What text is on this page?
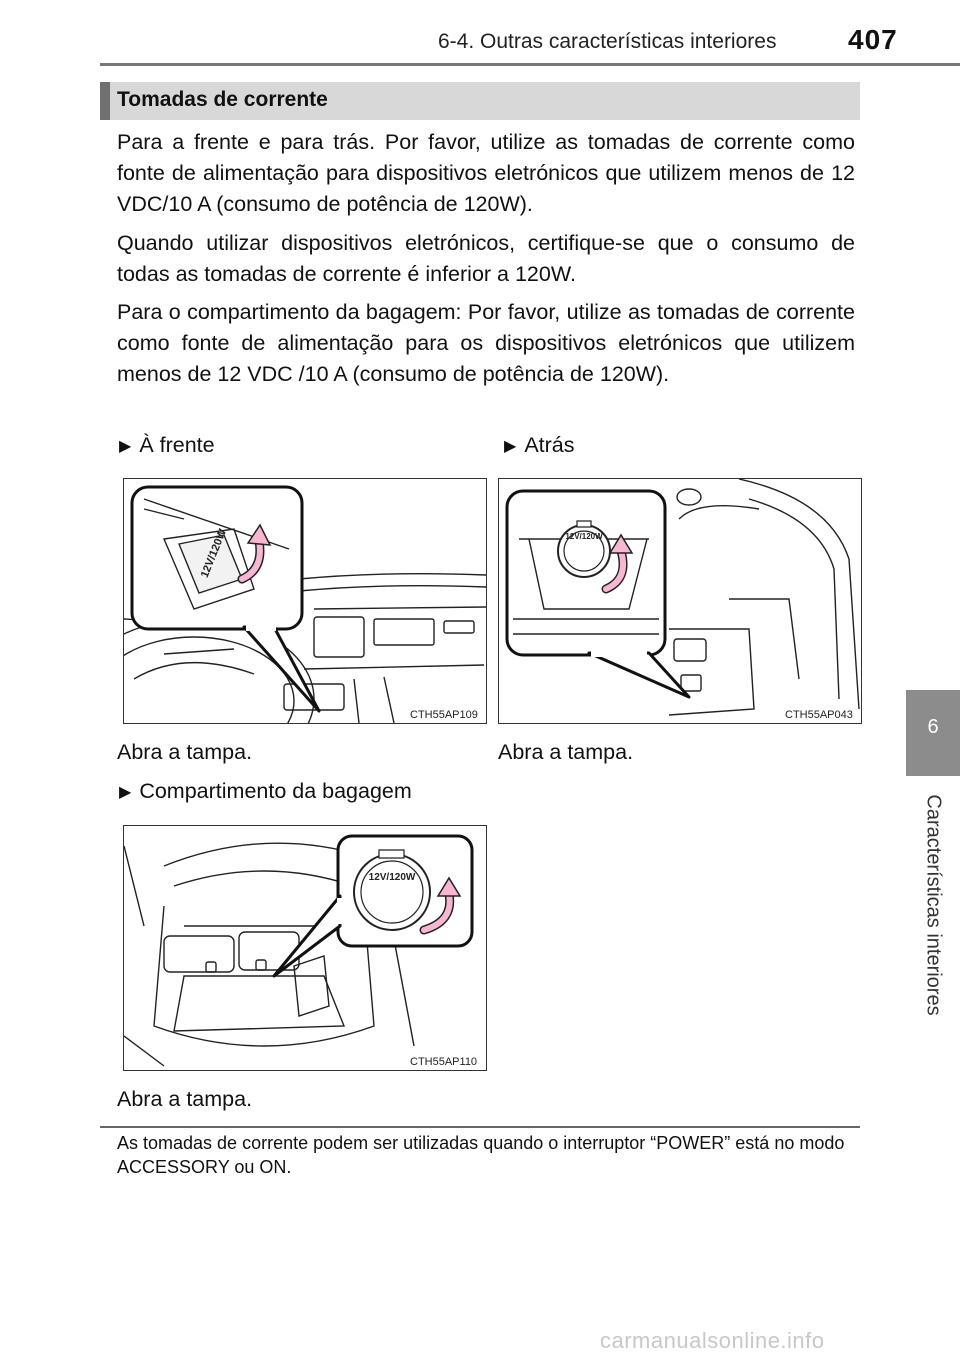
6-4. Outras características interiores	407
6
Características interiores
Tomadas de corrente
Para a frente e para trás. Por favor, utilize as tomadas de corrente como fonte de alimentação para dispositivos eletrónicos que utilizem menos de 12 VDC/10 A (consumo de potência de 120W).
Quando utilizar dispositivos eletrónicos, certifique-se que o consumo de todas as tomadas de corrente é inferior a 120W.
Para o compartimento da bagagem: Por favor, utilize as tomadas de corrente como fonte de alimentação para os dispositivos eletrónicos que utilizem menos de 12 VDC /10 A (consumo de potência de 120W).
▶ À frente
12V/120W
CTH55AP109
Abra a tampa.
▶ Atrás
12V/120W
CTH55AP043
Abra a tampa.
▶ Compartimento da bagagem
12V/120W
CTH55AP110
Abra a tampa.
As tomadas de corrente podem ser utilizadas quando o interruptor “POWER” está no modo ACCESSORY ou ON.
carmanualsonline.info
